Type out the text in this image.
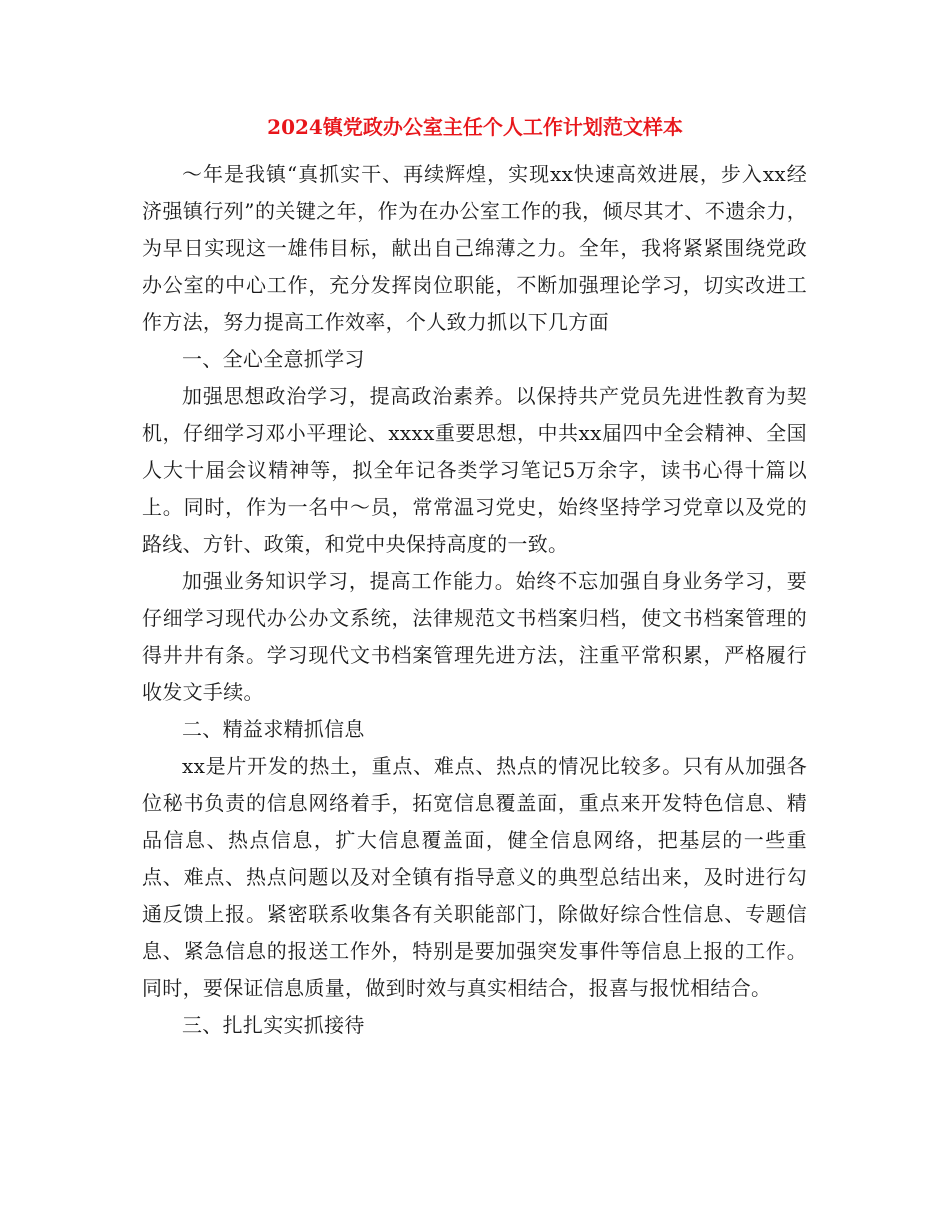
2024镇党政办公室主任个人工作计划范文样本

～年是我镇“真抓实干、再续辉煌，实现xx快速高效进展，步入xx经济强镇行列”的关键之年，作为在办公室工作的我，倾尽其才、不遗余力，为早日实现这一雄伟目标，献出自己绵薄之力。全年，我将紧紧围绕党政办公室的中心工作，充分发挥岗位职能，不断加强理论学习，切实改进工作方法，努力提高工作效率，个人致力抓以下几方面

一、全心全意抓学习

加强思想政治学习，提高政治素养。以保持共产党员先进性教育为契机，仔细学习邓小平理论、xxxx重要思想，中共xx届四中全会精神、全国人大十届会议精神等，拟全年记各类学习笔记5万余字，读书心得十篇以上。同时，作为一名中～员，常常温习党史，始终坚持学习党章以及党的路线、方针、政策，和党中央保持高度的一致。

加强业务知识学习，提高工作能力。始终不忘加强自身业务学习，要仔细学习现代办公办文系统，法律规范文书档案归档，使文书档案管理的得井井有条。学习现代文书档案管理先进方法，注重平常积累，严格履行收发文手续。

二、精益求精抓信息

xx是片开发的热土，重点、难点、热点的情况比较多。只有从加强各位秘书负责的信息网络着手，拓宽信息覆盖面，重点来开发特色信息、精品信息、热点信息，扩大信息覆盖面，健全信息网络，把基层的一些重点、难点、热点问题以及对全镇有指导意义的典型总结出来，及时进行勾通反馈上报。紧密联系收集各有关职能部门，除做好综合性信息、专题信息、紧急信息的报送工作外，特别是要加强突发事件等信息上报的工作。同时，要保证信息质量，做到时效与真实相结合，报喜与报忧相结合。

三、扎扎实实抓接待
